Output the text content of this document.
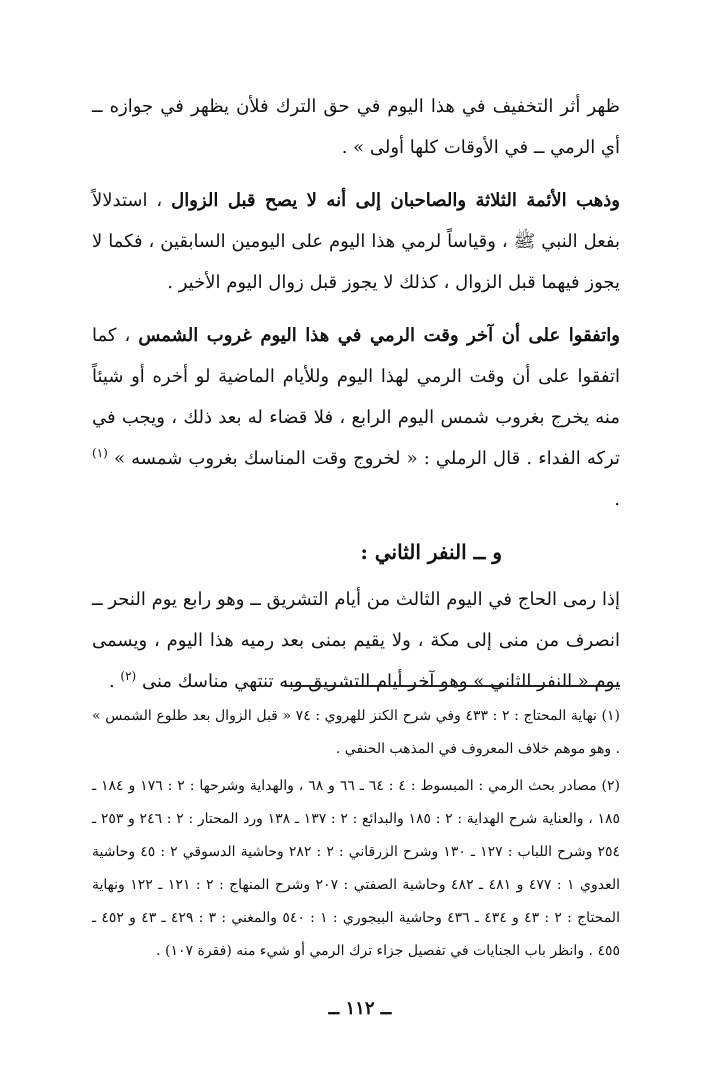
ظهر أثر التخفيف في هذا اليوم في حق الترك فلأن يظهر في جوازه ــ أي الرمي ــ في الأوقات كلها أولى » .

وذهب الأئمة الثلاثة والصاحبان إلى أنه لا يصح قبل الزوال ، استدلالاً بفعل النبي ﷺ ، وقياساً لرمي هذا اليوم على اليومين السابقين ، فكما لا يجوز فيهما قبل الزوال ، كذلك لا يجوز قبل زوال اليوم الأخير .

واتفقوا على أن آخر وقت الرمي في هذا اليوم غروب الشمس ، كما اتفقوا على أن وقت الرمي لهذا اليوم وللأيام الماضية لو أخره أو شيئاً منه يخرج بغروب شمس اليوم الرابع ، فلا قضاء له بعد ذلك ، ويجب في تركه الفداء . قال الرملي : « لخروج وقت المناسك بغروب شمسه » $^{(١)}$ .

و ــ النفر الثاني :

إذا رمى الحاج في اليوم الثالث من أيام التشريق ــ وهو رابع يوم النحر ــ انصرف من منى إلى مكة ، ولا يقيم بمنى بعد رميه هذا اليوم ، ويسمى يوم « النفر الثاني » وهو آخر أيام التشريق وبه تنتهي مناسك منى $^{(٢)}$ .

(١) نهاية المحتاج : ٢ : ٤٣٣ وفي شرح الكنز للهروي : ٧٤ « قبل الزوال بعد طلوع الشمس » . وهو موهم خلاف المعروف في المذهب الحنفي .

(٢) مصادر بحث الرمي : المبسوط : ٤ : ٦٤ ـ ٦٦ و ٦٨ ، والهداية وشرحها : ٢ : ١٧٦ و ١٨٤ ـ ١٨٥ ، والعناية شرح الهداية : ٢ : ١٨٥ والبدائع : ٢ : ١٣٧ ـ ١٣٨ ورد المحتار : ٢ : ٢٤٦ و ٢٥٣ ـ ٢٥٤ وشرح اللباب : ١٢٧ ـ ١٣٠ وشرح الزرقاني : ٢ : ٢٨٢ وحاشية الدسوقي ٢ : ٤٥ وحاشية العدوي ١ : ٤٧٧ و ٤٨١ ـ ٤٨٢ وحاشية الصفتي : ٢٠٧ وشرح المنهاج : ٢ : ١٢١ ـ ١٢٢ ونهاية المحتاج : ٢ : ٤٣ و ٤٣٤ ـ ٤٣٦ وحاشية البيجوري : ١ : ٥٤٠ والمغني : ٣ : ٤٢٩ ـ ٤٣ و ٤٥٢ ـ ٤٥٥ . وانظر باب الجنايات في تفصيل جزاء ترك الرمي أو شيء منه (فقرة ١٠٧) .

ــ ١١٢ ــ
